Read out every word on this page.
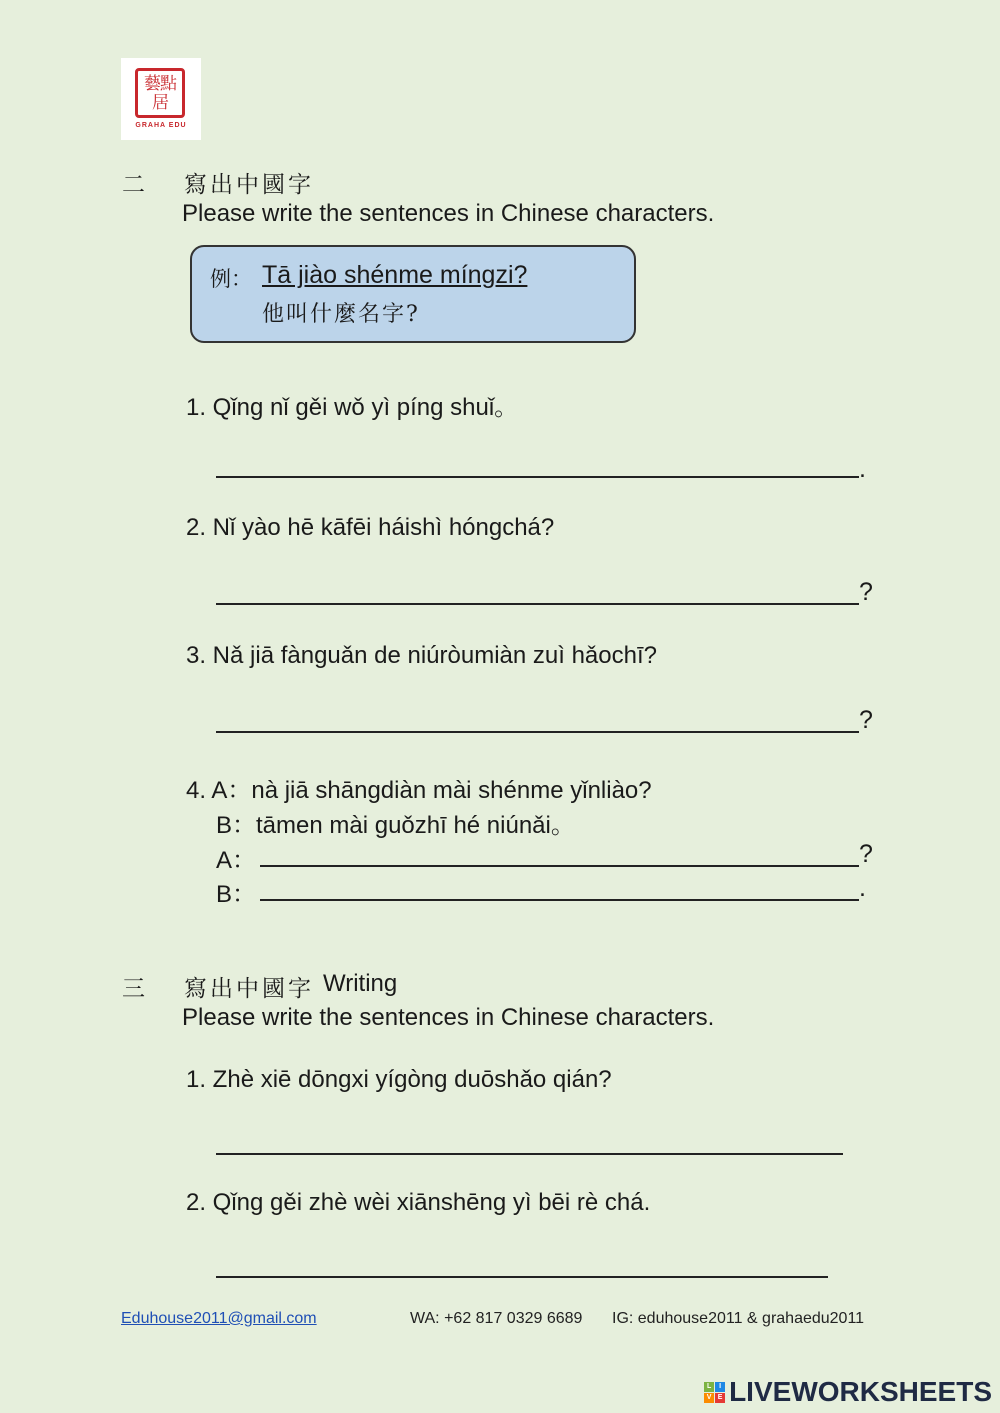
藝點居
GRAHA EDU
二 寫出中國字
Please write the sentences in Chinese characters.
例： Tā jiào shénme míngzi?
他叫什麼名字?
1. Qǐng nǐ gěi wǒ yì píng shuǐ。
.
2. Nǐ yào hē kāfēi háishì hóngchá?
?
3. Nǎ jiā fànguǎn de niúròumiàn zuì hǎochī?
?
4. A：nà jiā shāngdiàn mài shénme yǐnliào?
B：tāmen mài guǒzhī hé niúnǎi。
A：	?
B：	.
三 寫出中國字 Writing
Please write the sentences in Chinese characters.
1. Zhè xiē dōngxi yígòng duōshǎo qián?
2. Qǐng gěi zhè wèi xiānshēng yì bēi rè chá.
Eduhouse2011@gmail.com	WA: +62 817 0329 6689 IG: eduhouse2011 & grahaedu2011
L	I
V E LIVEWORKSHEETS
